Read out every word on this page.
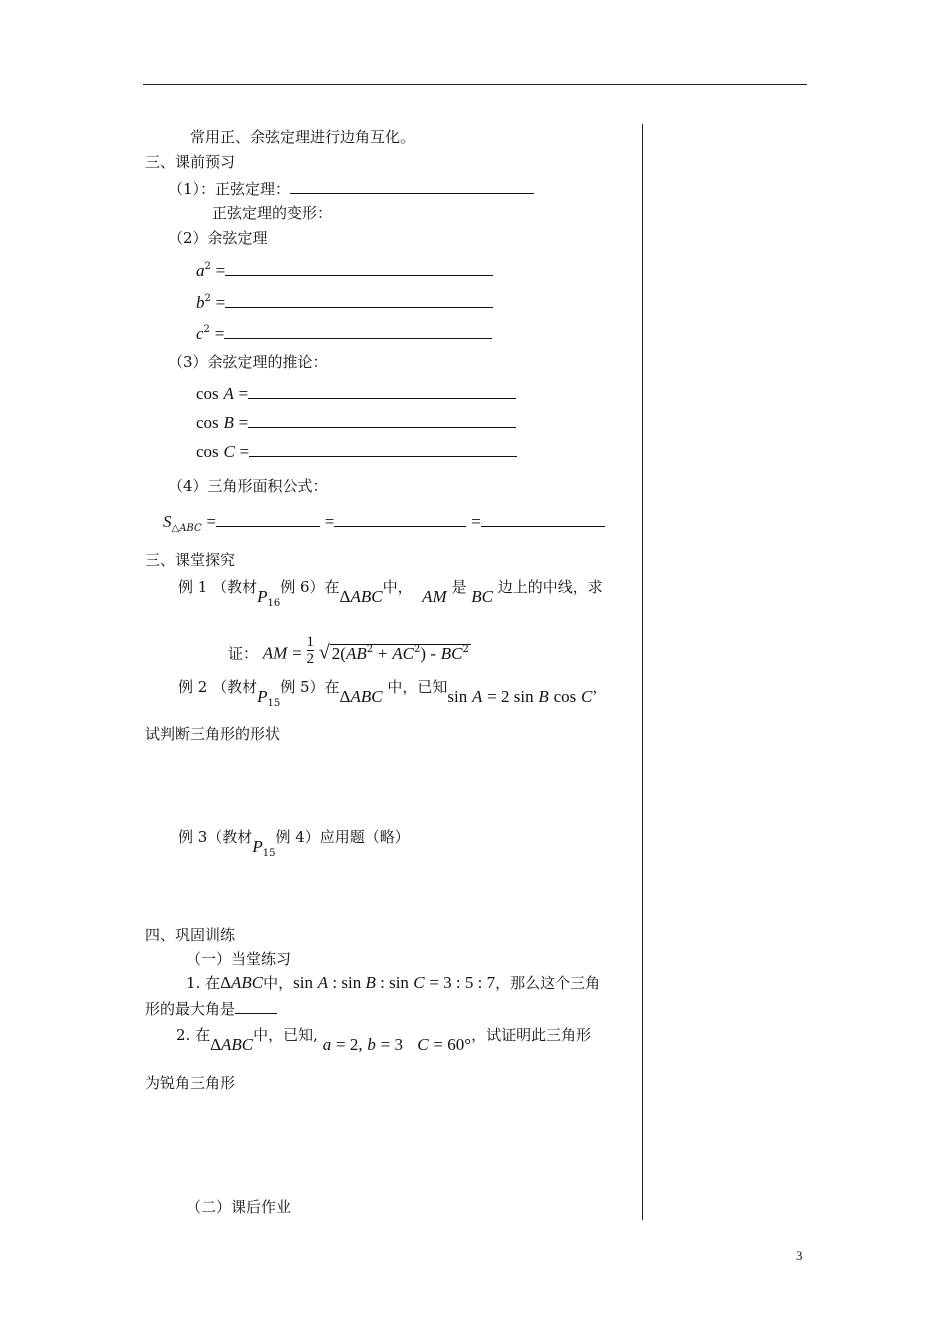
常用正、余弦定理进行边角互化。
三、课前预习
（1）：正弦定理：
正弦定理的变形：
（2）余弦定理
$a^2$ =
$b^2$ =
$c^2$ =
（3）余弦定理的推论：
cos A =
cos B =
cos C =
（4）三角形面积公式：
$S_{\triangle ABC}$ =	=	=
三、课堂探究
例 1 （教材$P_{16}$例 6）在ΔABC中， AM 是 BC 边上的中线，求
证： AM = $\frac{1}{2}$ √ $2(AB^2 + AC^2) - BC^2$
例 2 （教材$P_{15}$例 5）在ΔABC 中，已知sin A = 2 sin B cos C，
试判断三角形的形状
例 3（教材$P_{15}$例 4）应用题（略）
四、巩固训练
（一）当堂练习
1. 在ΔABC中，sin A : sin B : sin C = 3 : 5 : 7，那么这个三角
形的最大角是
2. 在ΔABC中，已知, a = 2, b = 3 C = 60°，试证明此三角形
为锐角三角形
（二）课后作业
3
